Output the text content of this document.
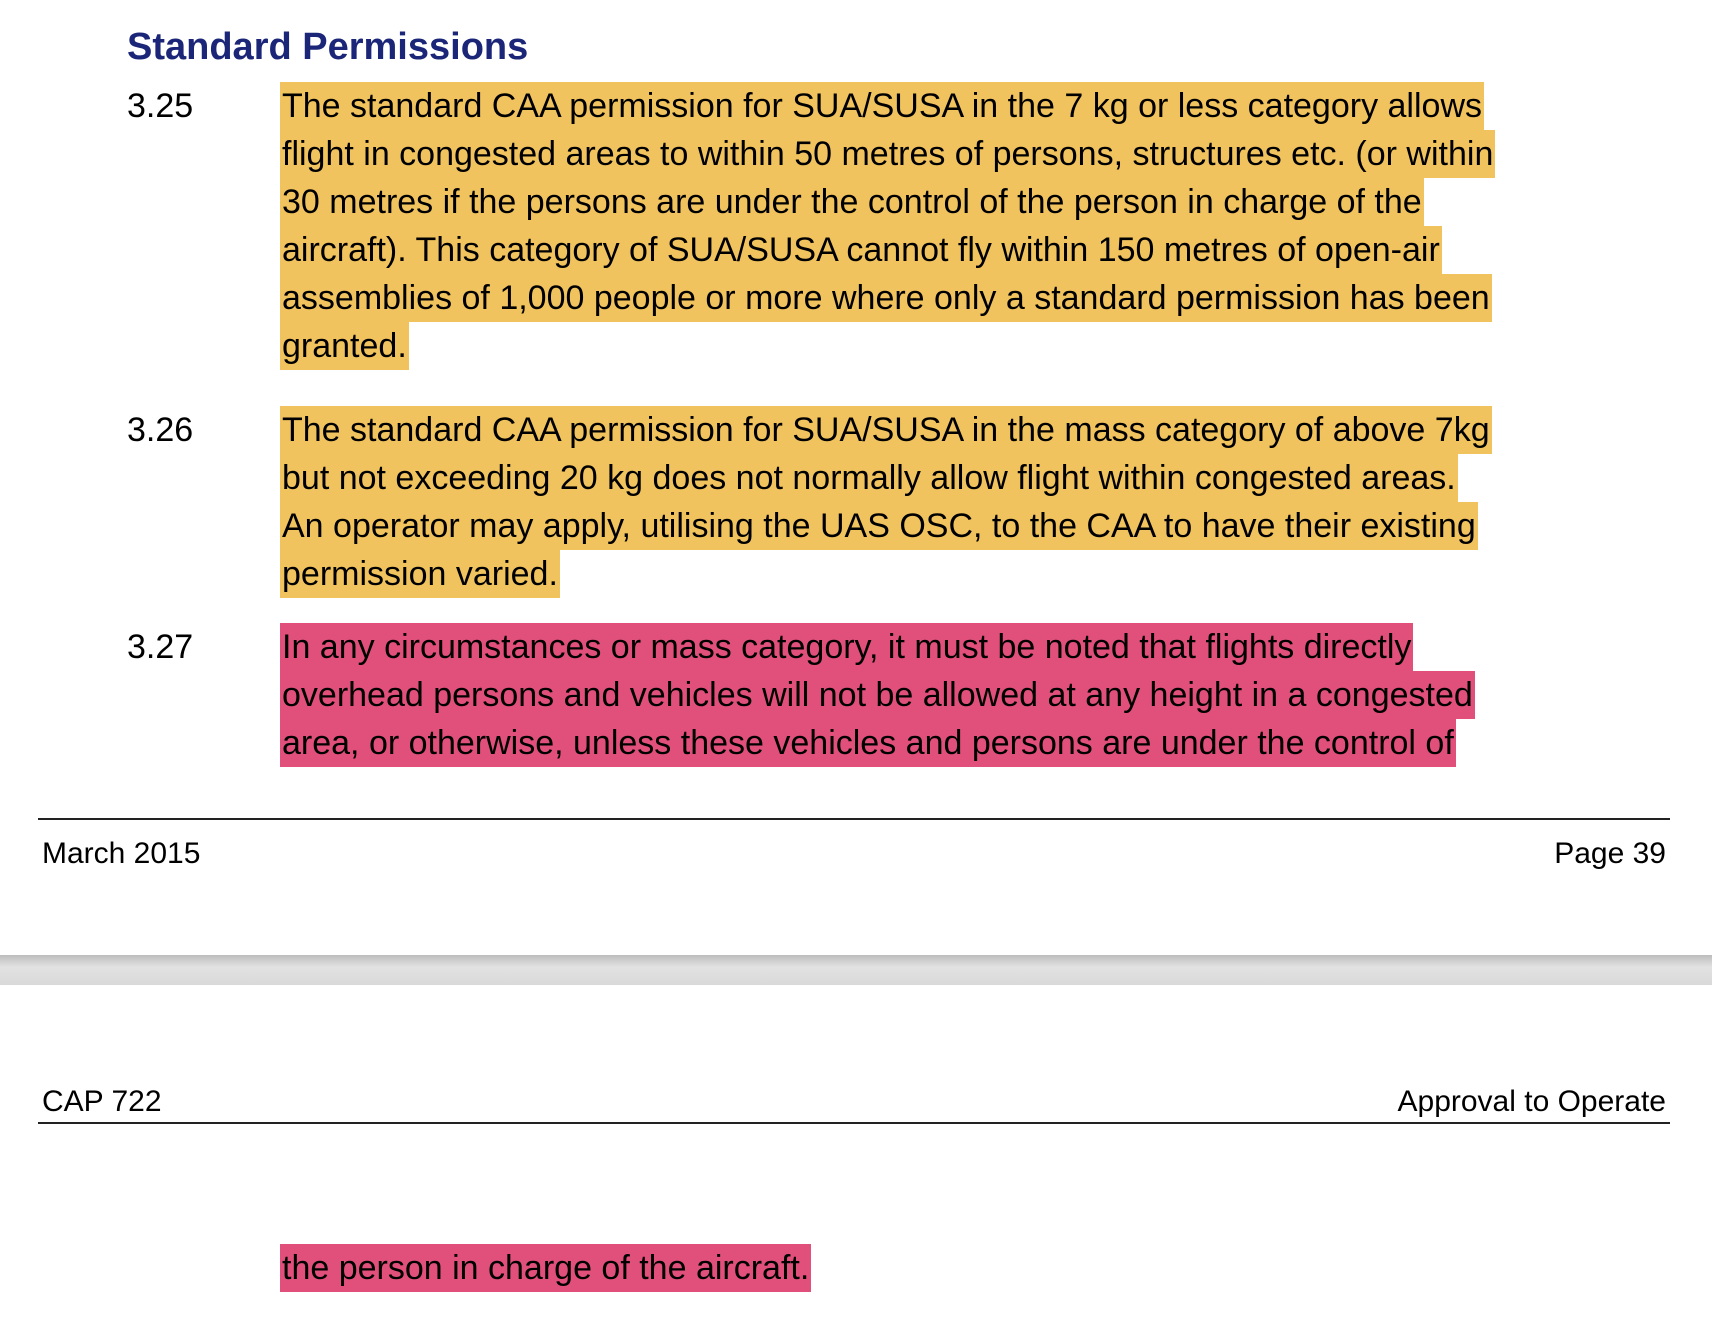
Standard Permissions
3.25	The standard CAA permission for SUA/SUSA in the 7 kg or less category allows
flight in congested areas to within 50 metres of persons, structures etc. (or within
30 metres if the persons are under the control of the person in charge of the
aircraft). This category of SUA/SUSA cannot fly within 150 metres of open-air
assemblies of 1,000 people or more where only a standard permission has been
granted.
3.26	The standard CAA permission for SUA/SUSA in the mass category of above 7kg
but not exceeding 20 kg does not normally allow flight within congested areas.
An operator may apply, utilising the UAS OSC, to the CAA to have their existing
permission varied.
3.27	In any circumstances or mass category, it must be noted that flights directly
overhead persons and vehicles will not be allowed at any height in a congested
area, or otherwise, unless these vehicles and persons are under the control of
March 2015	Page 39
the person in charge of the aircraft.
CAP 722	Approval to Operate
